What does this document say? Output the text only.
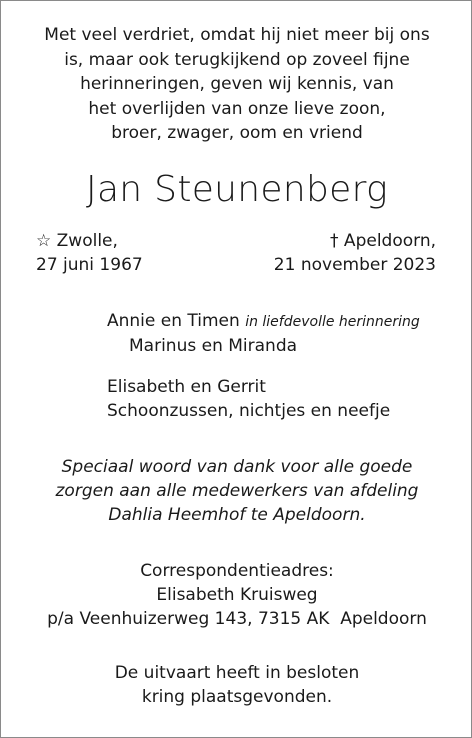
Met veel verdriet, omdat hij niet meer bij ons
is, maar ook terugkijkend op zoveel fijne
herinneringen, geven wij kennis, van
het overlijden van onze lieve zoon,
broer, zwager, oom en vriend
Jan Steunenberg
☆ Zwolle,
27 juni 1967
† Apeldoorn,
21 november 2023
Annie en Timen in liefdevolle herinnering
Marinus en Miranda
Elisabeth en Gerrit
Schoonzussen, nichtjes en neefje
Speciaal woord van dank voor alle goede
zorgen aan alle medewerkers van afdeling
Dahlia Heemhof te Apeldoorn.
Correspondentieadres:
Elisabeth Kruisweg
p/a Veenhuizerweg 143, 7315 AK  Apeldoorn
De uitvaart heeft in besloten
kring plaatsgevonden.
